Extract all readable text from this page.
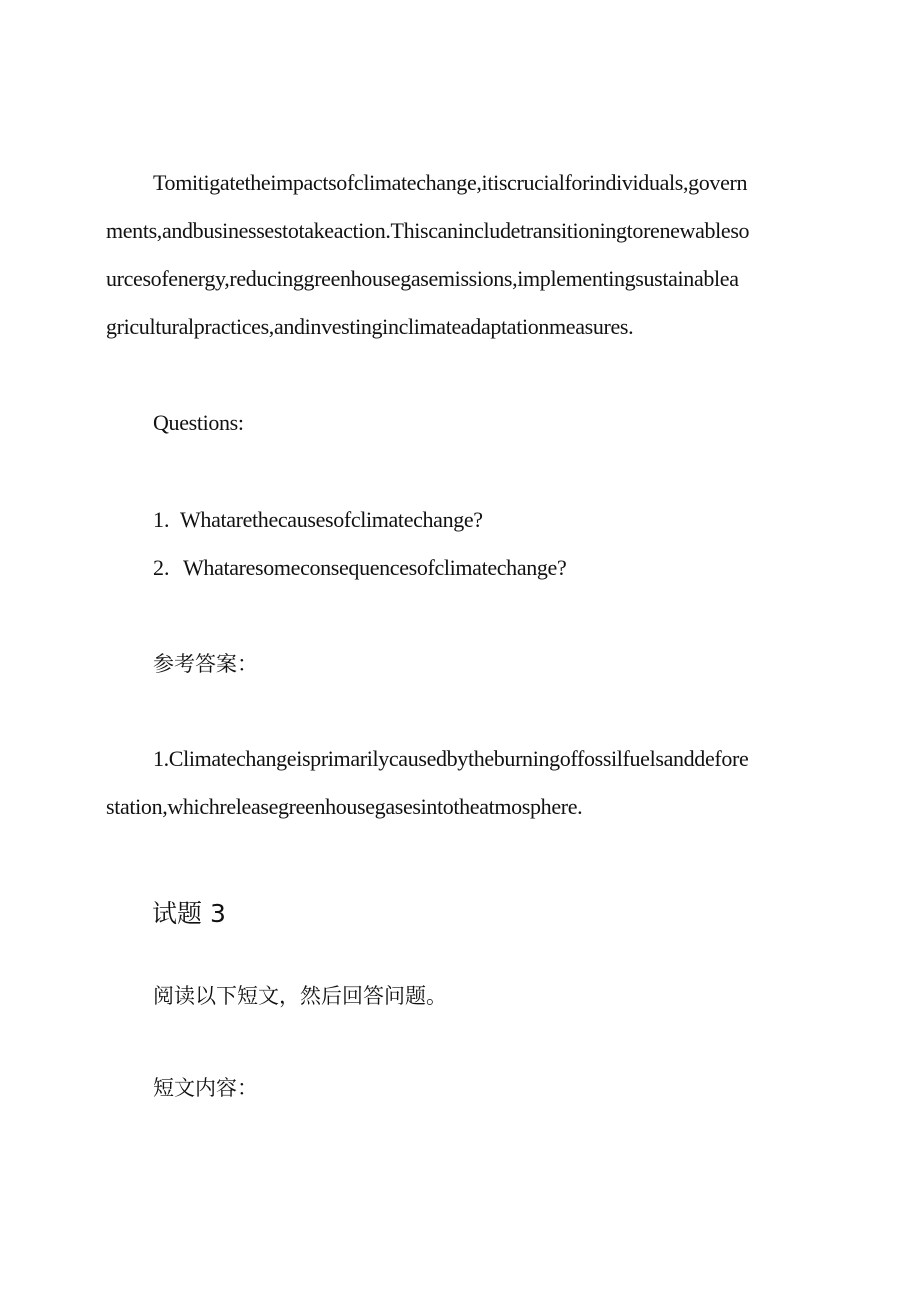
Tomitigatetheimpactsofclimatechange,itiscrucialforindividuals,govern
ments,andbusinessestotakeaction.Thiscanincludetransitioningtorenewableso
urcesofenergy,reducinggreenhousegasemissions,implementingsustainablea
griculturalpractices,andinvestinginclimateadaptationmeasures.
Questions:
1. Whatarethecausesofclimatechange?
2. Whataresomeconsequencesofclimatechange?
参考答案：
1.Climatechangeisprimarilycausedbytheburningoffossilfuelsanddefore
station,whichreleasegreenhousegasesintotheatmosphere.
试题 3
阅读以下短文，然后回答问题。
短文内容：
